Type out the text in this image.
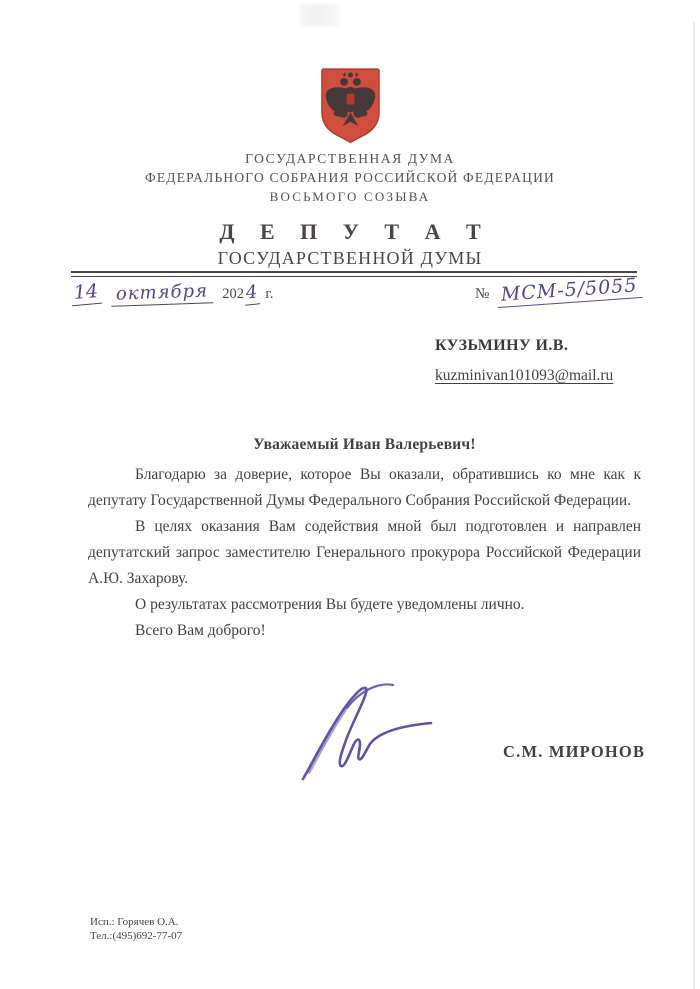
ГОСУДАРСТВЕННАЯ ДУМА
ФЕДЕРАЛЬНОГО СОБРАНИЯ РОССИЙСКОЙ ФЕДЕРАЦИИ
ВОСЬМОГО СОЗЫВА
Д Е П У Т А Т
ГОСУДАРСТВЕННОЙ ДУМЫ
14 октября 2024 г.	№ МСМ-5/5055
КУЗЬМИНУ И.В.
kuzminivan101093@mail.ru
Уважаемый Иван Валерьевич!

Благодарю за доверие, которое Вы оказали, обратившись ко мне как к депутату Государственной Думы Федерального Собрания Российской Федерации.

В целях оказания Вам содействия мной был подготовлен и направлен депутатский запрос заместителю Генерального прокурора Российской Федерации А.Ю. Захарову.

О результатах рассмотрения Вы будете уведомлены лично.

Всего Вам доброго!

С.М. МИРОНОВ
Исп.: Горячев О.А.
Тел.:(495)692-77-07
